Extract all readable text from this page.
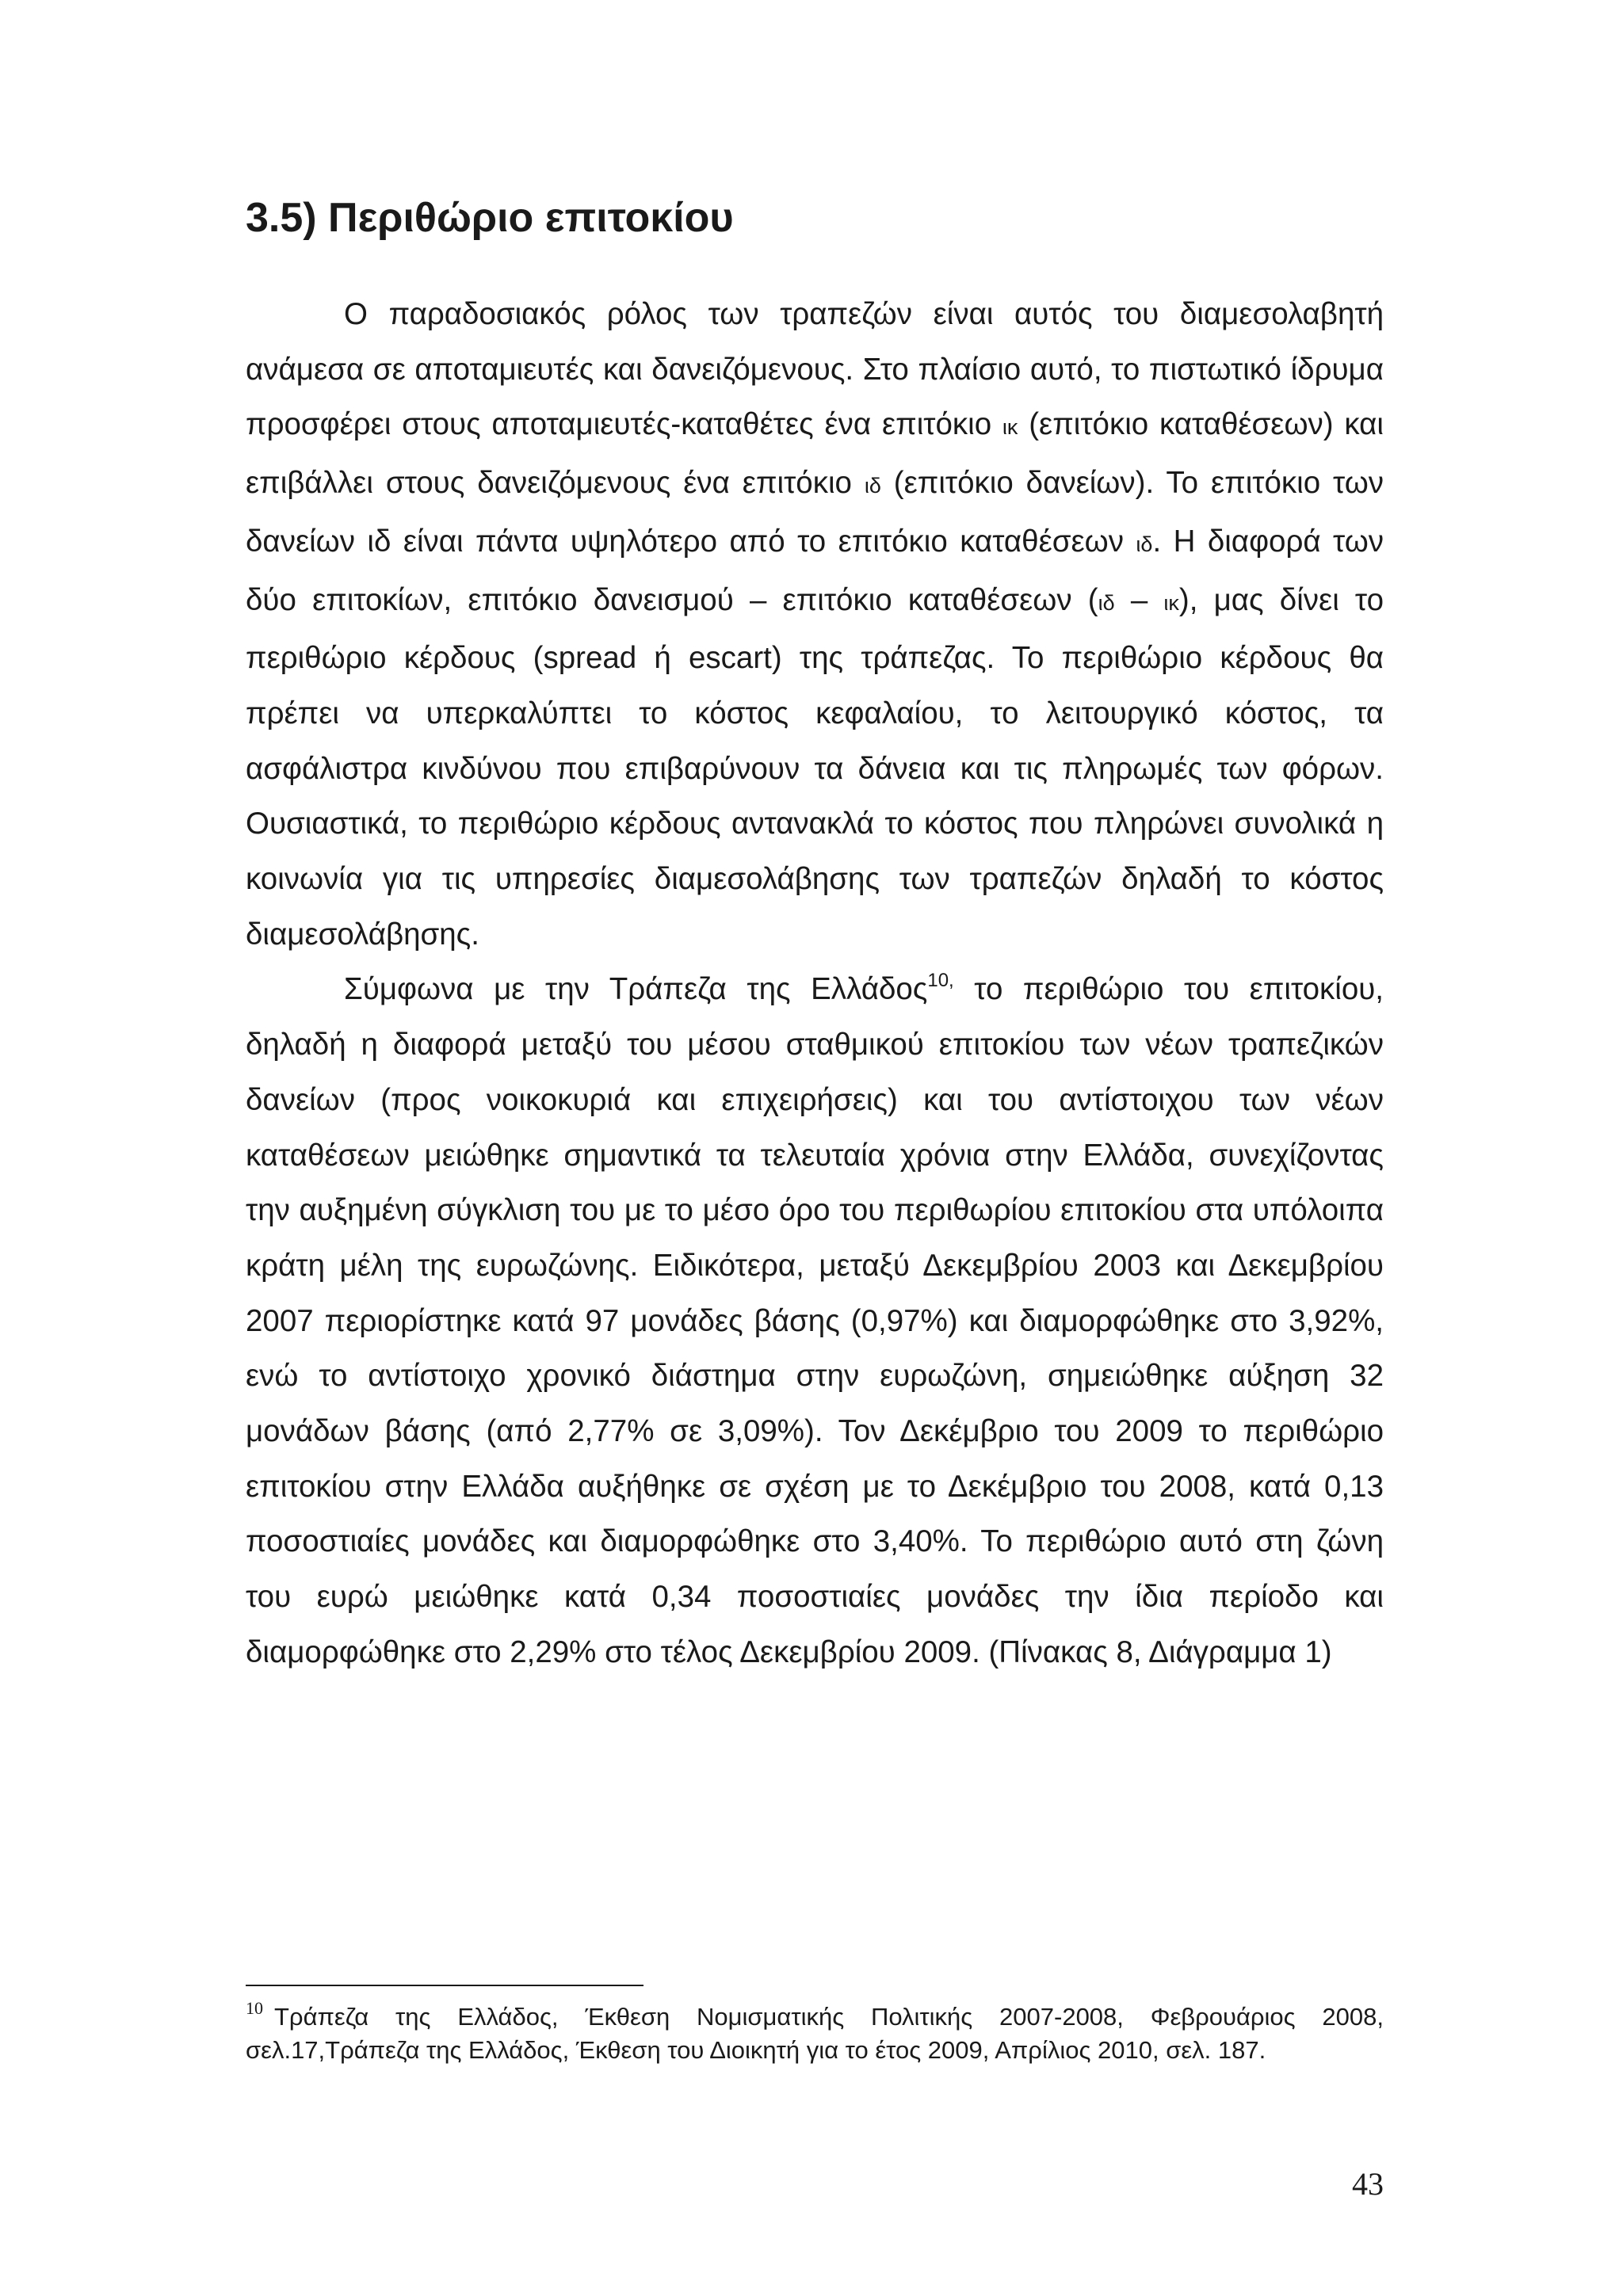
3.5) Περιθώριο επιτοκίου

Ο παραδοσιακός ρόλος των τραπεζών είναι αυτός του διαμεσολαβητή ανάμεσα σε αποταμιευτές και δανειζόμενους. Στο πλαίσιο αυτό, το πιστωτικό ίδρυμα προσφέρει στους αποταμιευτές-καταθέτες ένα επιτόκιο ικ (επιτόκιο καταθέσεων) και επιβάλλει στους δανειζόμενους ένα επιτόκιο ιδ (επιτόκιο δανείων). Το επιτόκιο των δανείων ιδ είναι πάντα υψηλότερο από το επιτόκιο καταθέσεων ιδ. Η διαφορά των δύο επιτοκίων, επιτόκιο δανεισμού – επιτόκιο καταθέσεων (ιδ – ικ), μας δίνει το περιθώριο κέρδους (spread ή escart) της τράπεζας. Το περιθώριο κέρδους θα πρέπει να υπερκαλύπτει το κόστος κεφαλαίου, το λειτουργικό κόστος, τα ασφάλιστρα κινδύνου που επιβαρύνουν τα δάνεια και τις πληρωμές των φόρων. Ουσιαστικά, το περιθώριο κέρδους αντανακλά το κόστος που πληρώνει συνολικά η κοινωνία για τις υπηρεσίες διαμεσολάβησης των τραπεζών δηλαδή το κόστος διαμεσολάβησης.

Σύμφωνα με την Τράπεζα της Ελλάδος$^{10,}$ το περιθώριο του επιτοκίου, δηλαδή η διαφορά μεταξύ του μέσου σταθμικού επιτοκίου των νέων τραπεζικών δανείων (προς νοικοκυριά και επιχειρήσεις) και του αντίστοιχου των νέων καταθέσεων μειώθηκε σημαντικά τα τελευταία χρόνια στην Ελλάδα, συνεχίζοντας την αυξημένη σύγκλιση του με το μέσο όρο του περιθωρίου επιτοκίου στα υπόλοιπα κράτη μέλη της ευρωζώνης. Ειδικότερα, μεταξύ Δεκεμβρίου 2003 και Δεκεμβρίου 2007 περιορίστηκε κατά 97 μονάδες βάσης (0,97%) και διαμορφώθηκε στο 3,92%, ενώ το αντίστοιχο χρονικό διάστημα στην ευρωζώνη, σημειώθηκε αύξηση 32 μονάδων βάσης (από 2,77% σε 3,09%). Τον Δεκέμβριο του 2009 το περιθώριο επιτοκίου στην Ελλάδα αυξήθηκε σε σχέση με το Δεκέμβριο του 2008, κατά 0,13 ποσοστιαίες μονάδες και διαμορφώθηκε στο 3,40%. Το περιθώριο αυτό στη ζώνη του ευρώ μειώθηκε κατά 0,34 ποσοστιαίες μονάδες την ίδια περίοδο και διαμορφώθηκε στο 2,29% στο τέλος Δεκεμβρίου 2009. (Πίνακας 8, Διάγραμμα 1)

$^{10}$ Τράπεζα της Ελλάδος, Έκθεση Νομισματικής Πολιτικής 2007-2008, Φεβρουάριος 2008, σελ.17,Τράπεζα της Ελλάδος, Έκθεση του Διοικητή για το έτος 2009, Απρίλιος 2010, σελ. 187.

43
